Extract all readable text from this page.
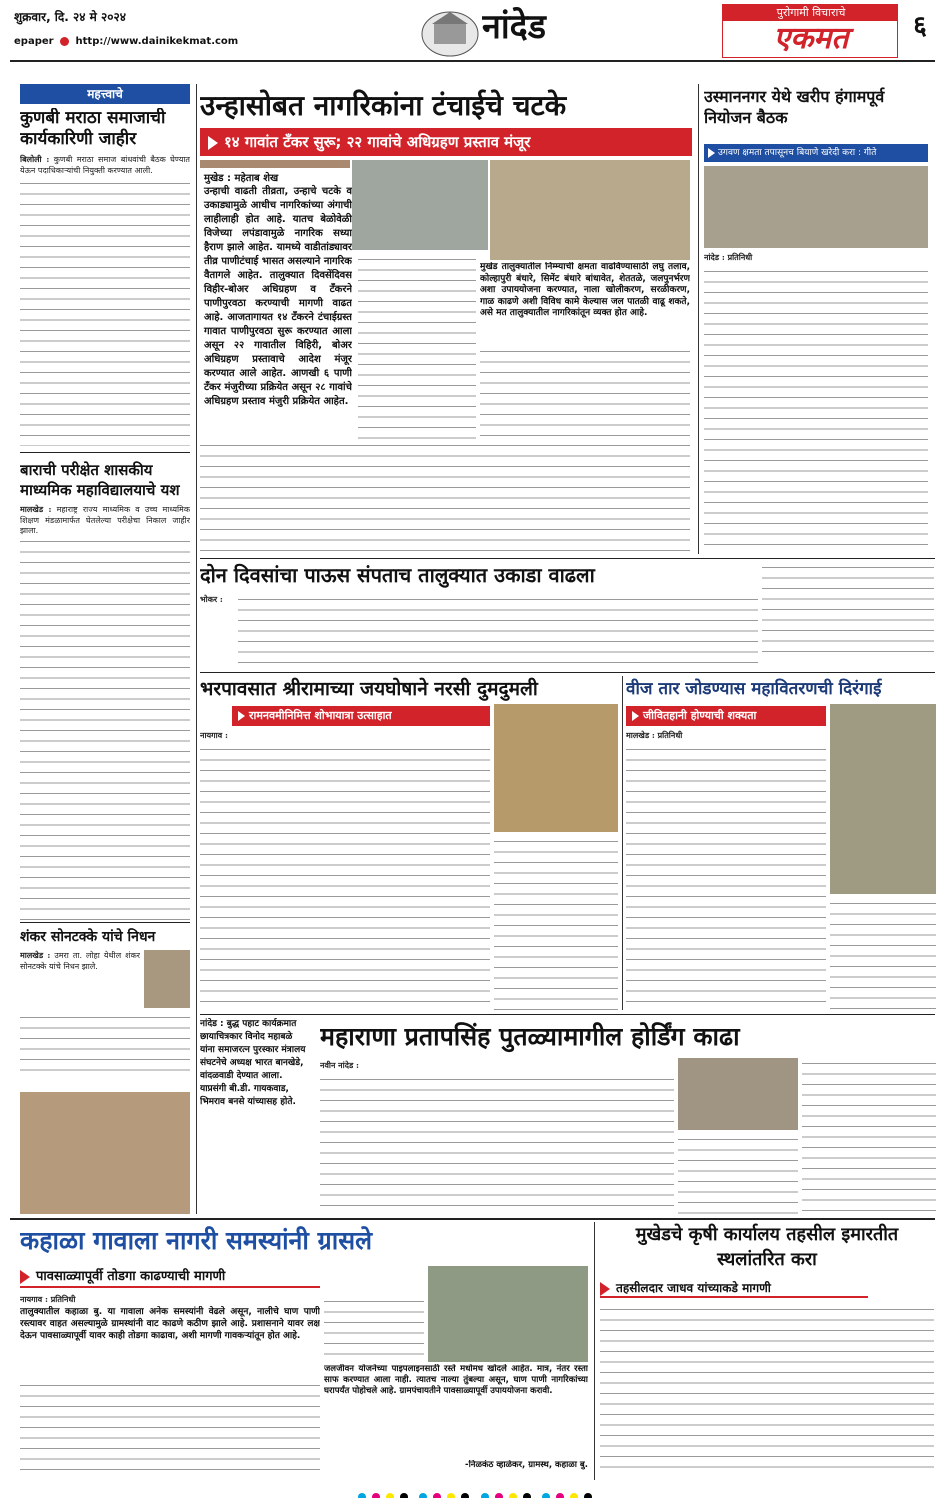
शुक्रवार, दि. २४ मे २०२४
epaper http://www.dainikekmat.com	नांदेड	पुरोगामी विचाराचे
एकमत	६
महत्त्वाचे
कुणबी मराठा समाजाची कार्यकारिणी जाहीर
बिलोली : कुणबी मराठा समाज बांधवांची बैठक घेण्यात येऊन पदाधिकाऱ्यांची नियुक्ती करण्यात आली.
बाराची परीक्षेत शासकीय माध्यमिक महाविद्यालयाचे यश
मालखेड : महाराष्ट्र राज्य माध्यमिक व उच्च माध्यमिक शिक्षण मंडळामार्फत घेतलेल्या परीक्षेचा निकाल जाहीर झाला.
शंकर सोनटक्के यांचे निधन
मालखेड : उमरा ता. लोहा येथील शंकर सोनटक्के यांचे निधन झाले.
उन्हासोबत नागरिकांना टंचाईचे चटके
१४ गावांत टँकर सुरू; २२ गावांचे अधिग्रहण प्रस्ताव मंजूर
मुखेड : महेताब शेख
उन्हाची वाढती तीव्रता, उन्हाचे चटके व उकाड्यामुळे आधीच नागरिकांच्या अंगाची लाहीलाही होत आहे. यातच बेळोवेळी विजेच्या लपंडावामुळे नागरिक सध्या हैराण झाले आहेत. यामध्ये वाडीतांड्यावर तीव्र पाणीटंचाई भासत असल्याने नागरिक वैतागले आहेत. तालुक्यात दिवसेंदिवस विहीर-बोअर अधिग्रहण व टँकरने पाणीपुरवठा करण्याची मागणी वाढत आहे. आजतागायत १४ टँकरने टंचाईग्रस्त गावात पाणीपुरवठा सुरू करण्यात आला असून २२ गावातील विहिरी, बोअर अधिग्रहण प्रस्तावाचे आदेश मंजूर करण्यात आले आहेत. आणखी ६ पाणी टँकर मंजुरीच्या प्रक्रियेत असून २८ गावांचे अधिग्रहण प्रस्ताव मंजुरी प्रक्रियेत आहेत.
मुखेड तालुक्यातील निम्म्याची क्षमता वाढविण्यासाठी लघु तलाव, कोल्हापुरी बंधारे, सिमेंट बंधारे बांधावेत, शेततळे, जलपुनर्भरण अशा उपाययोजना करण्यात, नाला खोलीकरण, सरळीकरण, गाळ काढणे अशी विविध कामे केल्यास जल पातळी वाढू शकते, असे मत तालुक्यातील नागरिकांतून व्यक्त होत आहे.
उस्माननगर येथे खरीप हंगामपूर्व नियोजन बैठक
उगवण क्षमता तपासूनच बियाणे खरेदी करा : गीते
नांदेड : प्रतिनिधी
दोन दिवसांचा पाऊस संपताच तालुक्यात उकाडा वाढला
भोकर :
भरपावसात श्रीरामाच्या जयघोषाने नरसी दुमदुमली
रामनवमीनिमित्त शोभायात्रा उत्साहात
नायगाव :
वीज तार जोडण्यास महावितरणची दिरंगाई
जीवितहानी होण्याची शक्यता
मालखेड : प्रतिनिधी
नांदेड : बुद्ध पहाट कार्यक्रमात छायाचित्रकार विनोद महाबळे यांना समाजरत्न पुरस्कार मंत्रालय संघटनेचे अध्यक्ष भारत बानखेडे, वांदळवाडी देण्यात आला. याप्रसंगी बी.डी. गायकवाड, भिमराव बनसे यांच्यासह होते.
महाराणा प्रतापसिंह पुतळ्यामागील होर्डिंग काढा
नवीन नांदेड :
कहाळा गावाला नागरी समस्यांनी ग्रासले
पावसाळ्यापूर्वी तोडगा काढण्याची मागणी
नायगाव : प्रतिनिधी
तालुक्यातील कहाळा बु. या गावाला अनेक समस्यांनी वेढले असून, नालीचे घाण पाणी रस्त्यावर वाहत असल्यामुळे ग्रामस्थांनी वाट काढणे कठीण झाले आहे. प्रशासनाने यावर लक्ष देऊन पावसाळ्यापूर्वी यावर काही तोडगा काढावा, अशी मागणी गावकऱ्यांतून होत आहे.
जलजीवन योजनेच्या पाइपलाइनसाठी रस्ते मधोमध खोदले आहेत. मात्र, नंतर रस्ता साफ करण्यात आला नाही. त्यातच नाल्या तुंबल्या असून, घाण पाणी नागरिकांच्या घरापर्यंत पोहोचले आहे. ग्रामपंचायतीने पावसाळ्यापूर्वी उपाययोजना करावी.
-निळकंठ व्हाळेकर, ग्रामस्थ, कहाळा बु.
मुखेडचे कृषी कार्यालय तहसील इमारतीत स्थलांतरित करा
तहसीलदार जाधव यांच्याकडे मागणी
